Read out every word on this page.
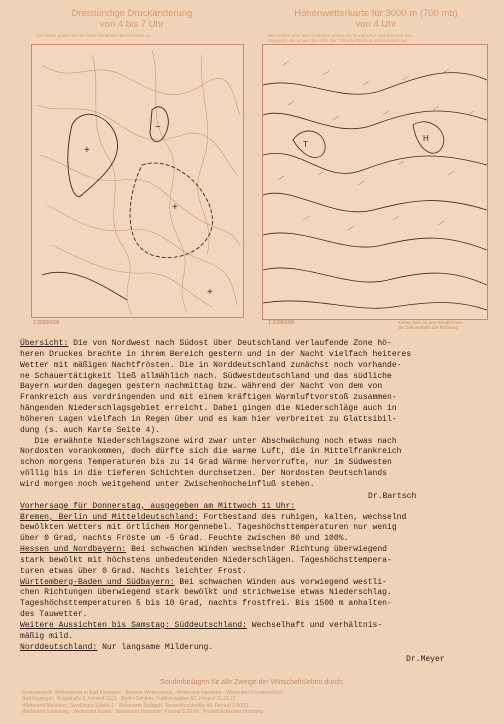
Dreistündige Druckänderung
von 4 bis 7 Uhr
Die Werte geben die Zu- bzw. Abnahme des Druckes an
+
−
+
+
1:30000000
Höhenwetterkarte für 3000 m (700 mb)
von 4 Uhr
Die Zahlen über den Stationen geben die Temperatur und darunter den
Taupunkt; die Linien die Höhe der 700-mb-Fläche in Dekametern an
T
H
1:30000000	Kleine Zahl an den Windfahnen:
die Zehnerstelle der Richtung
Übersicht: Die von Nordwest nach Südost über Deutschland verlaufende Zone hö-
heren Druckes brachte in ihrem Bereich gestern und in der Nacht vielfach heiteres
Wetter mit mäßigen Nachtfrösten. Die in Norddeutschland zunächst noch vorhande-
ne Schauertätigkeit ließ allmählich nach. Südwestdeutschland und das südliche
Bayern wurden dagegen gestern nachmittag bzw. während der Nacht von dem von
Frankreich aus vordringenden und mit einem kräftigen Warmluftvorstoß zusammen-
hängenden Niederschlagsgebiet erreicht. Dabei gingen die Niederschläge auch in
höheren Lagen vielfach in Regen über und es kam hier verbreitet zu Glattsibil-
dung (s. auch Karte Seite 4).
Die erwähnte Niederschlagszone wird zwar unter Abschwächung noch etwas nach
Nordosten vorankommen, doch dürfte sich die warme Luft, die in Mittelfrankreich
schon morgens Temperaturen bis zu 14 Grad Wärme hervorrufte, nur im Südwesten
völlig bis in die tieferen Schichten durchsetzen. Der Nordosten Deutschlands
wird morgen noch weitgehend unter Zwischenhocheinfluß stehen.

Vorhersage für Donnerstag, ausgegeben am Mittwoch 11 Uhr:
Bremen, Berlin und Mitteldeutschland: Fortbestand des ruhigen, kalten, wechselnd
bewölkten Wetters mit örtlichem Morgennebel. Tageshöchsttemperaturen nur wenig
über 0 Grad, nachts Fröste um -5 Grad. Feuchte zwischen 80 und 100%.
Hessen und Nordbayern: Bei schwachen Winden wechselnder Richtung überwiegend
stark bewölkt mit höchstens unbedeutenden Niederschlägen. Tageshöchsttempera-
turen etwas über 0 Grad. Nachts leichter Frost.
Württemberg-Baden und Südbayern: Bei schwachen Winden aus vorwiegend westli-
chen Richtungen überwiegend stark bewölkt und strichweise etwas Niederschlag.
Tageshöchsttemperaturen 5 bis 10 Grad, nachts frostfrei. Bis 1500 m anhalten-
des Tauwetter.
Weitere Aussichten bis Samstag: Süddeutschland: Wechselhaft und verhältnis-
mäßig mild.
Norddeutschland: Nur langsame Milderung.
Dr.Bartsch
Dr.Meyer
Sonderbeilagen für alle Zweige der Wirtschaftsleben durch:
Zentralamt für Wetterdienst in Bad Kissingen · Berliner Wetterdienst · Wetteramt Hamburg · Wetteramt Frankfurt/Main
Bad Kissingen, Ringstraße 1, Fernruf 2631 · Berlin-Dahlem, Podbielskiallee 62, Fernruf 76 39 15
Wetteramt München, Sendlinger Straße 1 · Wetteramt Stuttgart, Tennenforststraße 49, Fernruf 2 60 51
Wetteramt Schleswig · Wetteramt Essen · Wetteramt Hannover, Fernruf 8 39 49 · Postscheckkonto Hamburg
